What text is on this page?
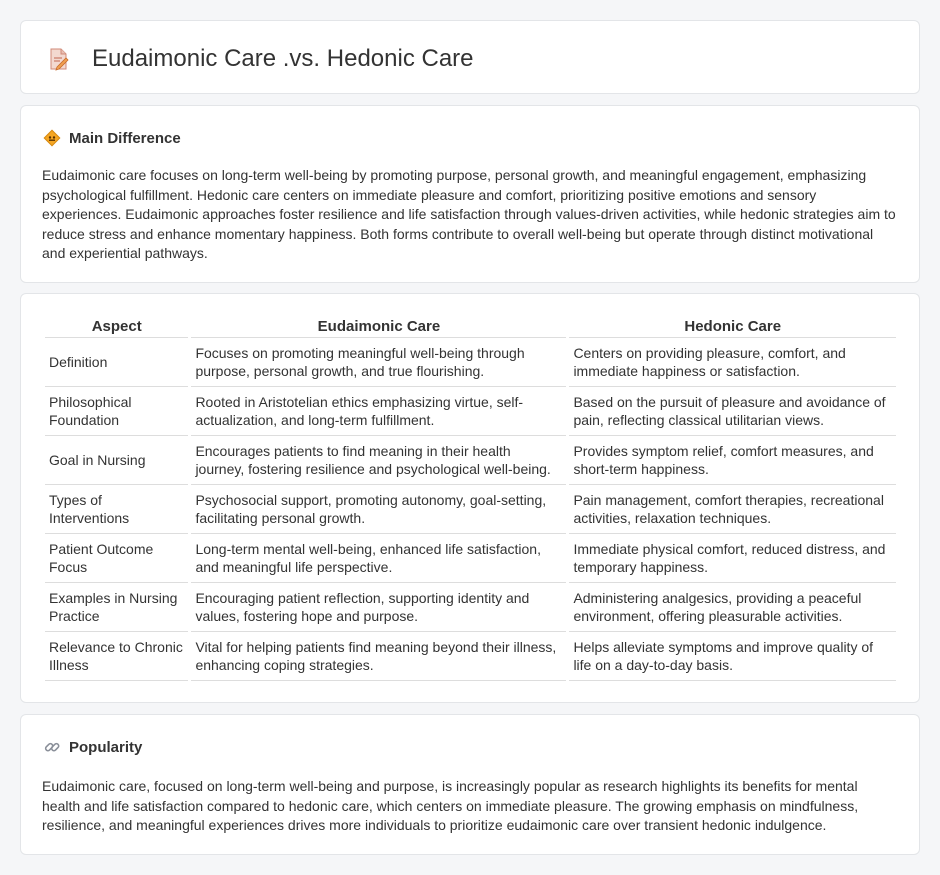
Eudaimonic Care .vs. Hedonic Care
Main Difference

Eudaimonic care focuses on long-term well-being by promoting purpose, personal growth, and meaningful engagement, emphasizing psychological fulfillment. Hedonic care centers on immediate pleasure and comfort, prioritizing positive emotions and sensory experiences. Eudaimonic approaches foster resilience and life satisfaction through values-driven activities, while hedonic strategies aim to reduce stress and enhance momentary happiness. Both forms contribute to overall well-being but operate through distinct motivational and experiential pathways.

Aspect	Eudaimonic Care	Hedonic Care
Definition	Focuses on promoting meaningful well-being through purpose, personal growth, and true flourishing.	Centers on providing pleasure, comfort, and immediate happiness or satisfaction.
Philosophical Foundation	Rooted in Aristotelian ethics emphasizing virtue, self-actualization, and long-term fulfillment.	Based on the pursuit of pleasure and avoidance of pain, reflecting classical utilitarian views.
Goal in Nursing	Encourages patients to find meaning in their health journey, fostering resilience and psychological well-being.	Provides symptom relief, comfort measures, and short-term happiness.
Types of Interventions	Psychosocial support, promoting autonomy, goal-setting, facilitating personal growth.	Pain management, comfort therapies, recreational activities, relaxation techniques.
Patient Outcome Focus	Long-term mental well-being, enhanced life satisfaction, and meaningful life perspective.	Immediate physical comfort, reduced distress, and temporary happiness.
Examples in Nursing Practice	Encouraging patient reflection, supporting identity and values, fostering hope and purpose.	Administering analgesics, providing a peaceful environment, offering pleasurable activities.
Relevance to Chronic Illness	Vital for helping patients find meaning beyond their illness, enhancing coping strategies.	Helps alleviate symptoms and improve quality of life on a day-to-day basis.
Popularity

Eudaimonic care, focused on long-term well-being and purpose, is increasingly popular as research highlights its benefits for mental health and life satisfaction compared to hedonic care, which centers on immediate pleasure. The growing emphasis on mindfulness, resilience, and meaningful experiences drives more individuals to prioritize eudaimonic care over transient hedonic indulgence.
